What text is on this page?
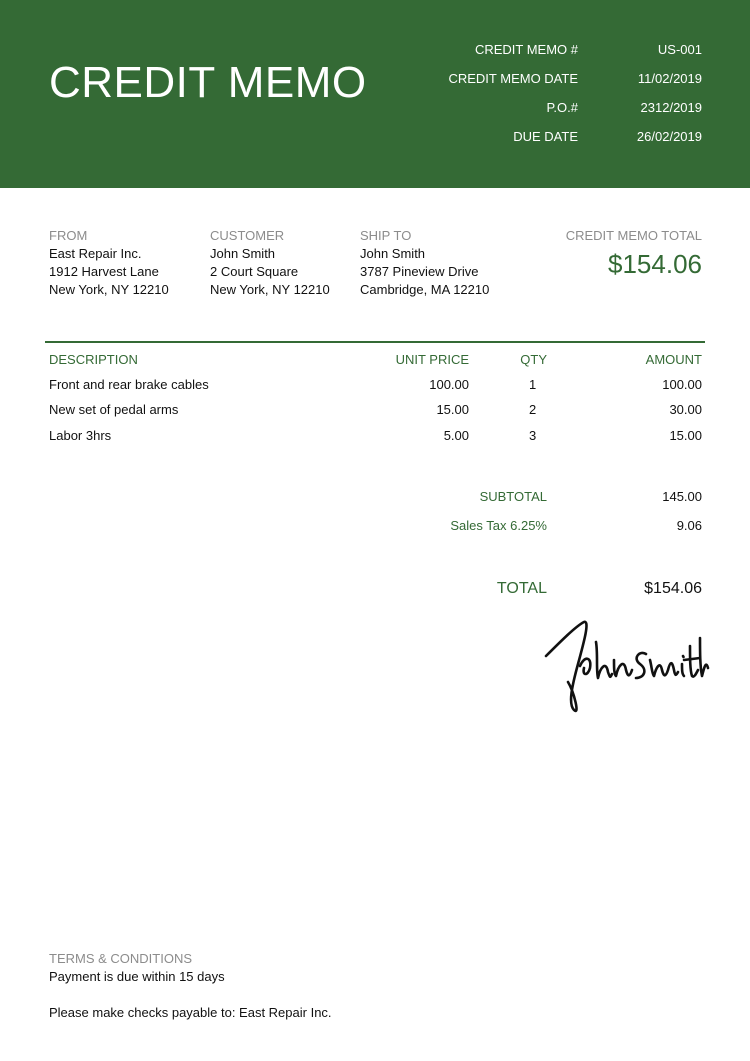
CREDIT MEMO
CREDIT MEMO #	US-001
CREDIT MEMO DATE	11/02/2019
P.O.#	2312/2019
DUE DATE	26/02/2019
FROM
East Repair Inc.
1912 Harvest Lane
New York, NY 12210
CUSTOMER
John Smith
2 Court Square
New York, NY 12210
SHIP TO
John Smith
3787 Pineview Drive
Cambridge, MA 12210
CREDIT MEMO TOTAL
$154.06
DESCRIPTION	UNIT PRICE	QTY	AMOUNT
Front and rear brake cables	100.00	1	100.00
New set of pedal arms	15.00	2	30.00
Labor 3hrs	5.00	3	15.00
SUBTOTAL	145.00
Sales Tax 6.25%	9.06
TOTAL	$154.06
TERMS & CONDITIONS
Payment is due within 15 days
Please make checks payable to: East Repair Inc.
